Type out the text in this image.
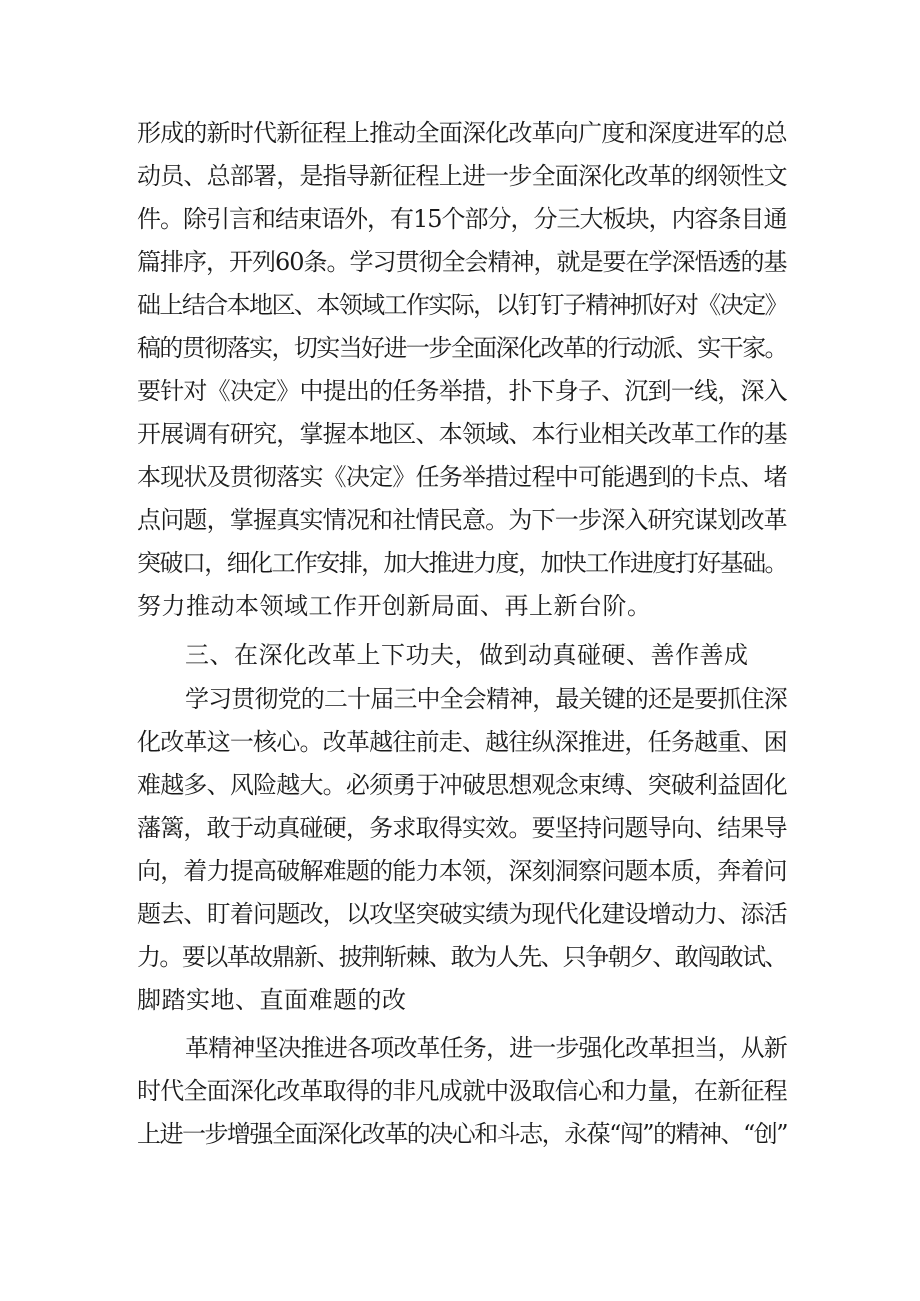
形成的新时代新征程上推动全面深化改革向广度和深度进军的总
动员、总部署，是指导新征程上进一步全面深化改革的纲领性文
件。除引言和结束语外，有15个部分，分三大板块，内容条目通
篇排序，开列60条。学习贯彻全会精神，就是要在学深悟透的基
础上结合本地区、本领域工作实际，以钉钉子精神抓好对《决定》
稿的贯彻落实，切实当好进一步全面深化改革的行动派、实干家。
要针对《决定》中提出的任务举措，扑下身子、沉到一线，深入
开展调有研究，掌握本地区、本领域、本行业相关改革工作的基
本现状及贯彻落实《决定》任务举措过程中可能遇到的卡点、堵
点问题，掌握真实情况和社情民意。为下一步深入研究谋划改革
突破口，细化工作安排，加大推进力度，加快工作进度打好基础。
努力推动本领域工作开创新局面、再上新台阶。
三、在深化改革上下功夫，做到动真碰硬、善作善成
学习贯彻党的二十届三中全会精神，最关键的还是要抓住深
化改革这一核心。改革越往前走、越往纵深推进，任务越重、困
难越多、风险越大。必须勇于冲破思想观念束缚、突破利益固化
藩篱，敢于动真碰硬，务求取得实效。要坚持问题导向、结果导
向，着力提高破解难题的能力本领，深刻洞察问题本质，奔着问
题去、盯着问题改，以攻坚突破实绩为现代化建设增动力、添活
力。要以革故鼎新、披荆斩棘、敢为人先、只争朝夕、敢闯敢试、
脚踏实地、直面难题的改
革精神坚决推进各项改革任务，进一步强化改革担当，从新
时代全面深化改革取得的非凡成就中汲取信心和力量，在新征程
上进一步增强全面深化改革的决心和斗志，永葆“闯”的精神、“创”
